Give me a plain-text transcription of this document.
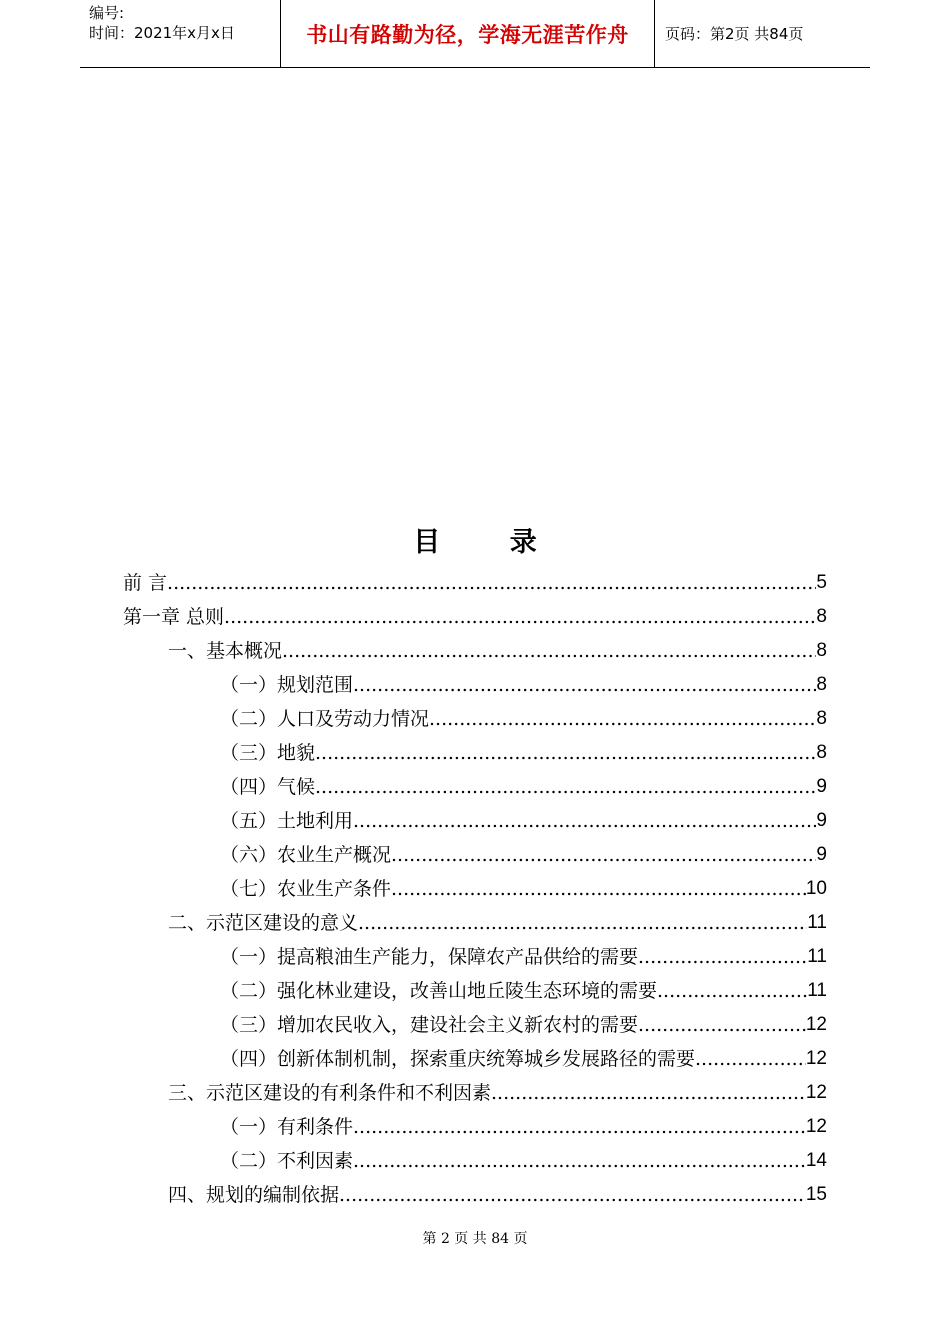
编号:
时间：2021年x月x日	书山有路勤为径，学海无涯苦作舟	页码：第2页 共84页
目 录
前 言 .....	5
第一章 总则 .....	8
一、基本概况 .....	8
（一）规划范围 .....	8
（二）人口及劳动力情况 .....	8
（三）地貌 .....	8
（四）气候 .....	9
（五）土地利用 .....	9
（六）农业生产概况 .....	9
（七）农业生产条件 .....	10
二、示范区建设的意义 .....	11
（一）提高粮油生产能力，保障农产品供给的需要 .....	11
（二）强化林业建设，改善山地丘陵生态环境的需要 .....	11
（三）增加农民收入，建设社会主义新农村的需要 .....	12
（四）创新体制机制，探索重庆统筹城乡发展路径的需要 .....	12
三、示范区建设的有利条件和不利因素 .....	12
（一）有利条件 .....	12
（二）不利因素 .....	14
四、规划的编制依据 .....	15
第 2 页 共 84 页
